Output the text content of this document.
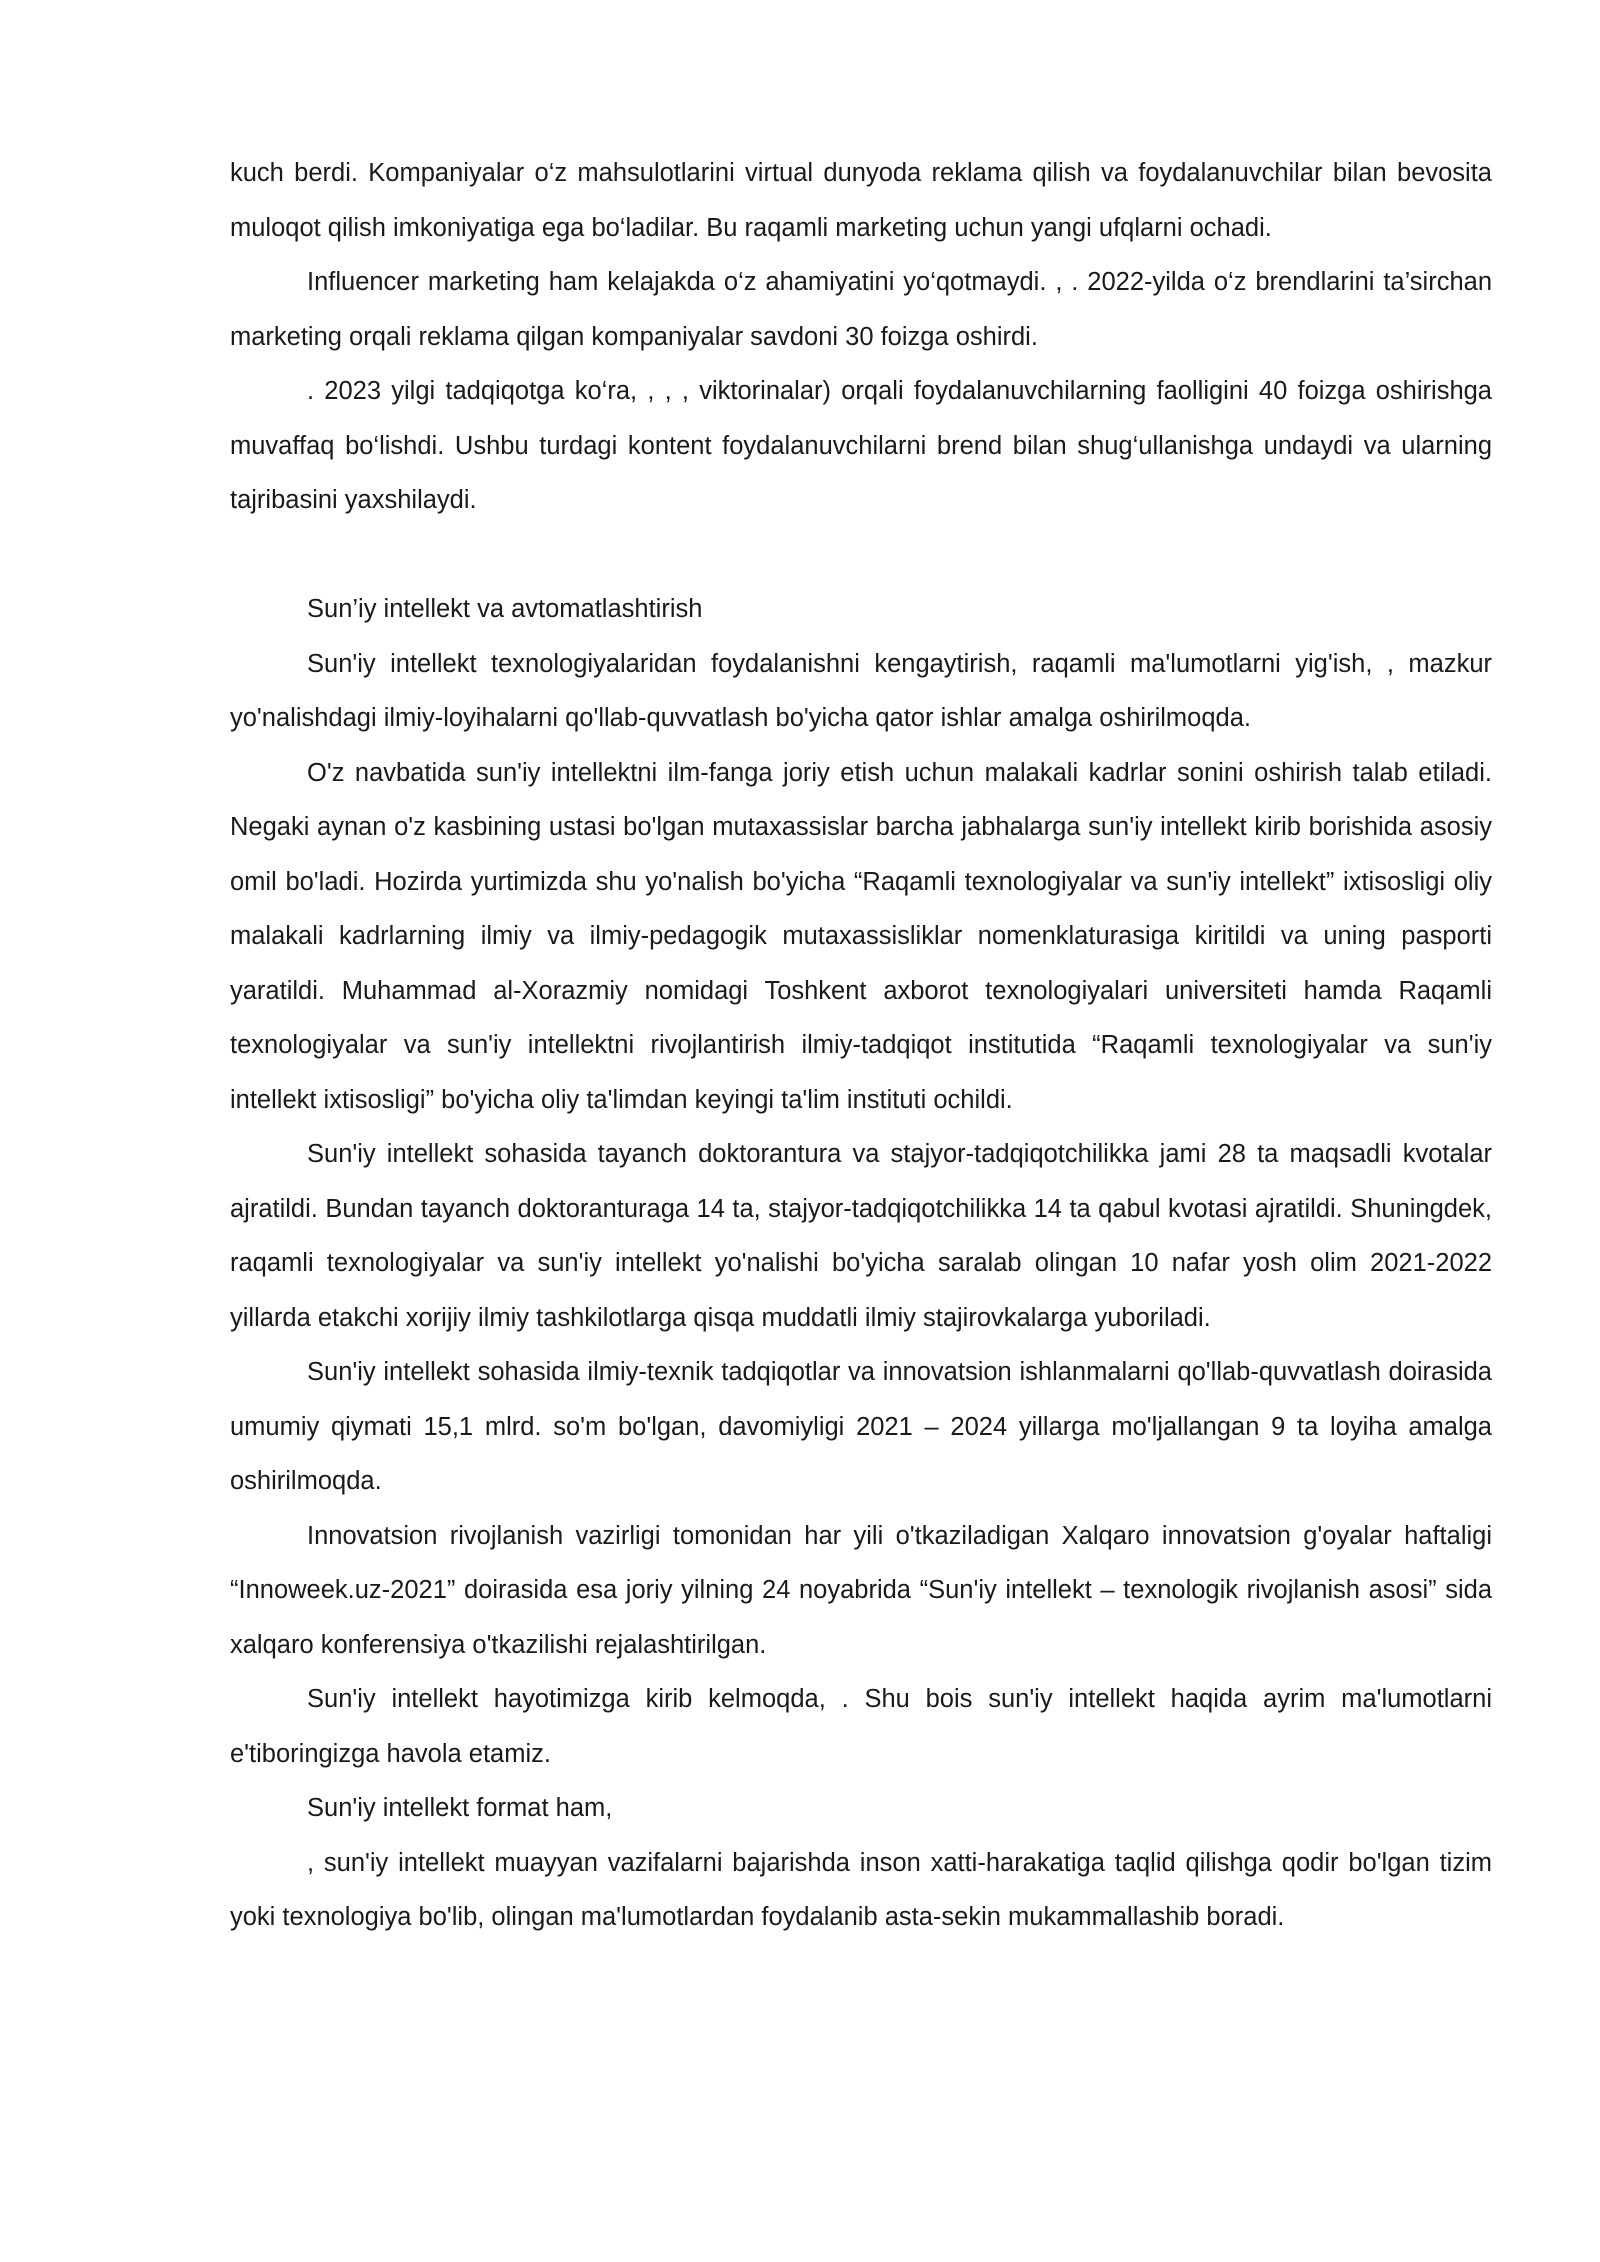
kuch berdi. Kompaniyalar o‘z mahsulotlarini virtual dunyoda reklama qilish va foydalanuvchilar bilan bevosita muloqot qilish imkoniyatiga ega bo‘ladilar. Bu raqamli marketing uchun yangi ufqlarni ochadi.

Influencer marketing ham kelajakda o‘z ahamiyatini yo‘qotmaydi. , . 2022-yilda o‘z brendlarini ta’sirchan marketing orqali reklama qilgan kompaniyalar savdoni 30 foizga oshirdi.

. 2023 yilgi tadqiqotga ko‘ra, , , , viktorinalar) orqali foydalanuvchilarning faolligini 40 foizga oshirishga muvaffaq bo‘lishdi. Ushbu turdagi kontent foydalanuvchilarni brend bilan shug‘ullanishga undaydi va ularning tajribasini yaxshilaydi.

Sun’iy intellekt va avtomatlashtirish

Sun'iy intellekt texnologiyalaridan foydalanishni kengaytirish, raqamli ma'lumotlarni yig'ish, , mazkur yo'nalishdagi ilmiy-loyihalarni qo'llab-quvvatlash bo'yicha qator ishlar amalga oshirilmoqda.

O'z navbatida sun'iy intellektni ilm-fanga joriy etish uchun malakali kadrlar sonini oshirish talab etiladi. Negaki aynan o'z kasbining ustasi bo'lgan mutaxassislar barcha jabhalarga sun'iy intellekt kirib borishida asosiy omil bo'ladi. Hozirda yurtimizda shu yo'nalish bo'yicha “Raqamli texnologiyalar va sun'iy intellekt” ixtisosligi oliy malakali kadrlarning ilmiy va ilmiy-pedagogik mutaxassisliklar nomenklaturasiga kiritildi va uning pasporti yaratildi. Muhammad al-Xorazmiy nomidagi Toshkent axborot texnologiyalari universiteti hamda Raqamli texnologiyalar va sun'iy intellektni rivojlantirish ilmiy-tadqiqot institutida “Raqamli texnologiyalar va sun'iy intellekt ixtisosligi” bo'yicha oliy ta'limdan keyingi ta'lim instituti ochildi.

Sun'iy intellekt sohasida tayanch doktorantura va stajyor-tadqiqotchilikka jami 28 ta maqsadli kvotalar ajratildi. Bundan tayanch doktoranturaga 14 ta, stajyor-tadqiqotchilikka 14 ta qabul kvotasi ajratildi. Shuningdek, raqamli texnologiyalar va sun'iy intellekt yo'nalishi bo'yicha saralab olingan 10 nafar yosh olim 2021-2022 yillarda etakchi xorijiy ilmiy tashkilotlarga qisqa muddatli ilmiy stajirovkalarga yuboriladi.

Sun'iy intellekt sohasida ilmiy-texnik tadqiqotlar va innovatsion ishlanmalarni qo'llab-quvvatlash doirasida umumiy qiymati 15,1 mlrd. so'm bo'lgan, davomiyligi 2021 – 2024 yillarga mo'ljallangan 9 ta loyiha amalga oshirilmoqda.

Innovatsion rivojlanish vazirligi tomonidan har yili o'tkaziladigan Xalqaro innovatsion g'oyalar haftaligi “Innoweek.uz-2021” doirasida esa joriy yilning 24 noyabrida “Sun'iy intellekt – texnologik rivojlanish asosi” sida xalqaro konferensiya o'tkazilishi rejalashtirilgan.

Sun'iy intellekt hayotimizga kirib kelmoqda, . Shu bois sun'iy intellekt haqida ayrim ma'lumotlarni e'tiboringizga havola etamiz.

Sun'iy intellekt format ham,

, sun'iy intellekt muayyan vazifalarni bajarishda inson xatti-harakatiga taqlid qilishga qodir bo'lgan tizim yoki texnologiya bo'lib, olingan ma'lumotlardan foydalanib asta-sekin mukammallashib boradi.
